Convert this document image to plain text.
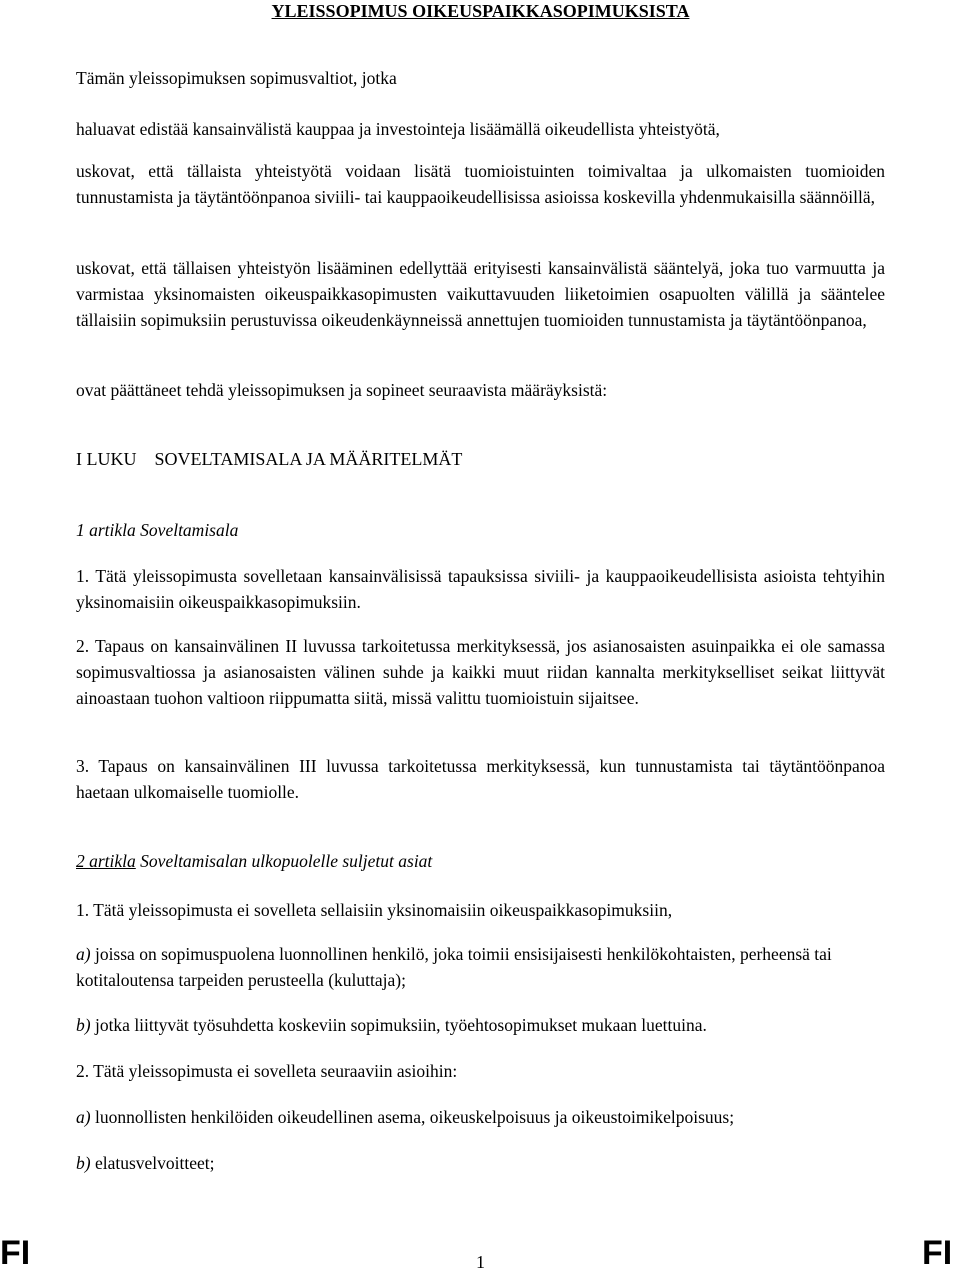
YLEISSOPIMUS OIKEUSPAIKKASOPIMUKSISTA

Tämän yleissopimuksen sopimusvaltiot, jotka

haluavat edistää kansainvälistä kauppaa ja investointeja lisäämällä oikeudellista yhteistyötä,

uskovat, että tällaista yhteistyötä voidaan lisätä tuomioistuinten toimivaltaa ja ulkomaisten tuomioiden tunnustamista ja täytäntöönpanoa siviili- tai kauppaoikeudellisissa asioissa koskevilla yhdenmukaisilla säännöillä,

uskovat, että tällaisen yhteistyön lisääminen edellyttää erityisesti kansainvälistä sääntelyä, joka tuo varmuutta ja varmistaa yksinomaisten oikeuspaikkasopimusten vaikuttavuuden liiketoimien osapuolten välillä ja sääntelee tällaisiin sopimuksiin perustuvissa oikeudenkäynneissä annettujen tuomioiden tunnustamista ja täytäntöönpanoa,

ovat päättäneet tehdä yleissopimuksen ja sopineet seuraavista määräyksistä:

I LUKU    SOVELTAMISALA JA MÄÄRITELMÄT

1 artikla Soveltamisala

1. Tätä yleissopimusta sovelletaan kansainvälisissä tapauksissa siviili- ja kauppaoikeudellisista asioista tehtyihin yksinomaisiin oikeuspaikkasopimuksiin.

2. Tapaus on kansainvälinen II luvussa tarkoitetussa merkityksessä, jos asianosaisten asuinpaikka ei ole samassa sopimusvaltiossa ja asianosaisten välinen suhde ja kaikki muut riidan kannalta merkitykselliset seikat liittyvät ainoastaan tuohon valtioon riippumatta siitä, missä valittu tuomioistuin sijaitsee.

3. Tapaus on kansainvälinen III luvussa tarkoitetussa merkityksessä, kun tunnustamista tai täytäntöönpanoa haetaan ulkomaiselle tuomiolle.

2 artikla Soveltamisalan ulkopuolelle suljetut asiat

1. Tätä yleissopimusta ei sovelleta sellaisiin yksinomaisiin oikeuspaikkasopimuksiin,

a) joissa on sopimuspuolena luonnollinen henkilö, joka toimii ensisijaisesti henkilökohtaisten, perheensä tai kotitaloutensa tarpeiden perusteella (kuluttaja);

b) jotka liittyvät työsuhdetta koskeviin sopimuksiin, työehtosopimukset mukaan luettuina.

2. Tätä yleissopimusta ei sovelleta seuraaviin asioihin:

a) luonnollisten henkilöiden oikeudellinen asema, oikeuskelpoisuus ja oikeustoimikelpoisuus;

b) elatusvelvoitteet;

FI	1	FI
